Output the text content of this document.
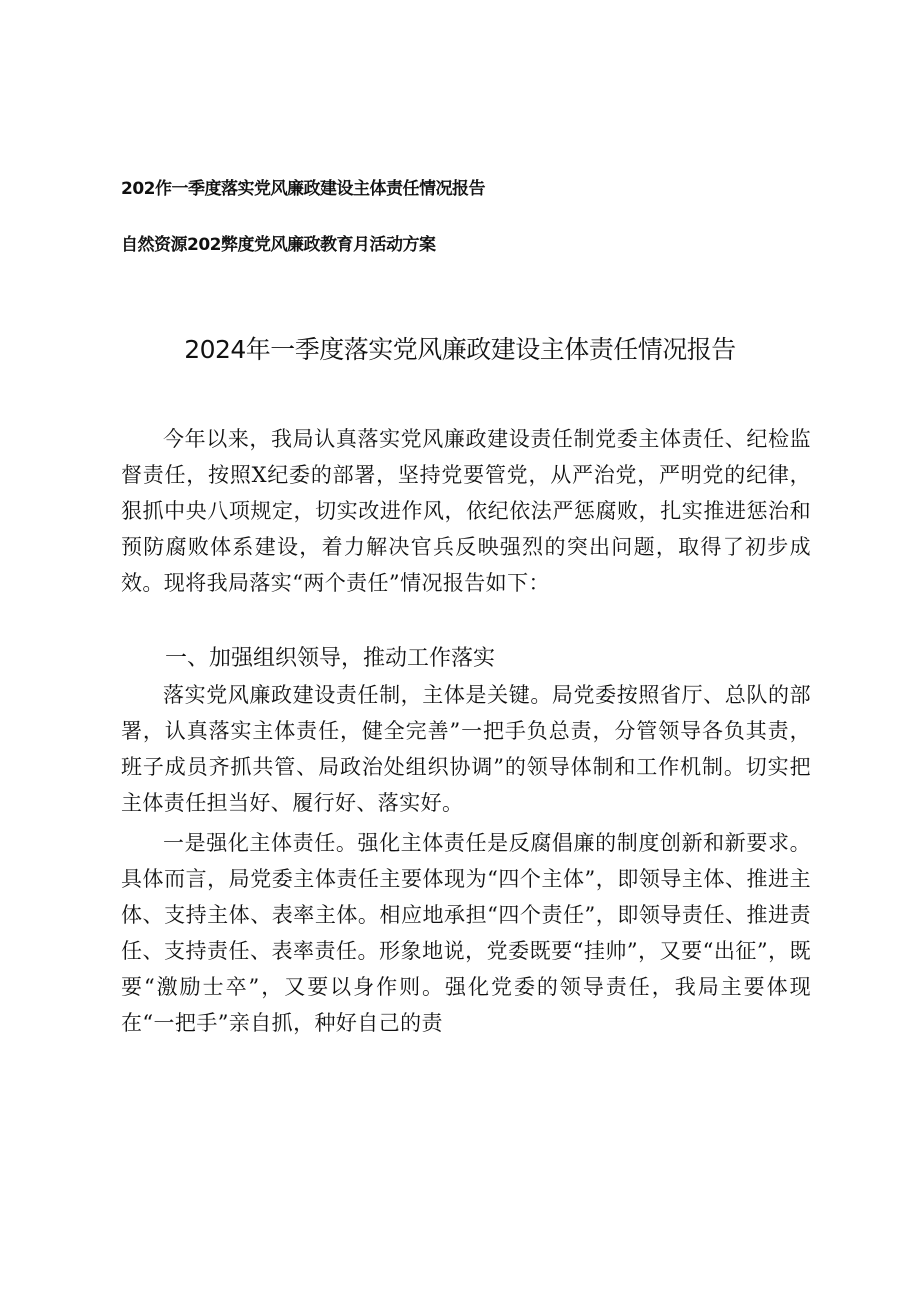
202作一季度落实党风廉政建设主体责任情况报告
自然资源202弊度党风廉政教育月活动方案
2024年一季度落实党风廉政建设主体责任情况报告

今年以来，我局认真落实党风廉政建设责任制党委主体责任、纪检监督责任，按照X纪委的部署，坚持党要管党，从严治党，严明党的纪律，狠抓中央八项规定，切实改进作风，依纪依法严惩腐败，扎实推进惩治和预防腐败体系建设，着力解决官兵反映强烈的突出问题，取得了初步成效。现将我局落实“两个责任”情况报告如下：

一、加强组织领导，推动工作落实

落实党风廉政建设责任制，主体是关键。局党委按照省厅、总队的部署，认真落实主体责任，健全完善”一把手负总责，分管领导各负其责，班子成员齐抓共管、局政治处组织协调”的领导体制和工作机制。切实把主体责任担当好、履行好、落实好。

一是强化主体责任。强化主体责任是反腐倡廉的制度创新和新要求。具体而言，局党委主体责任主要体现为“四个主体”，即领导主体、推进主体、支持主体、表率主体。相应地承担“四个责任”，即领导责任、推进责任、支持责任、表率责任。形象地说，党委既要“挂帅”，又要“出征”，既要“激励士卒”，又要以身作则。强化党委的领导责任，我局主要体现在“一把手”亲自抓，种好自己的责
